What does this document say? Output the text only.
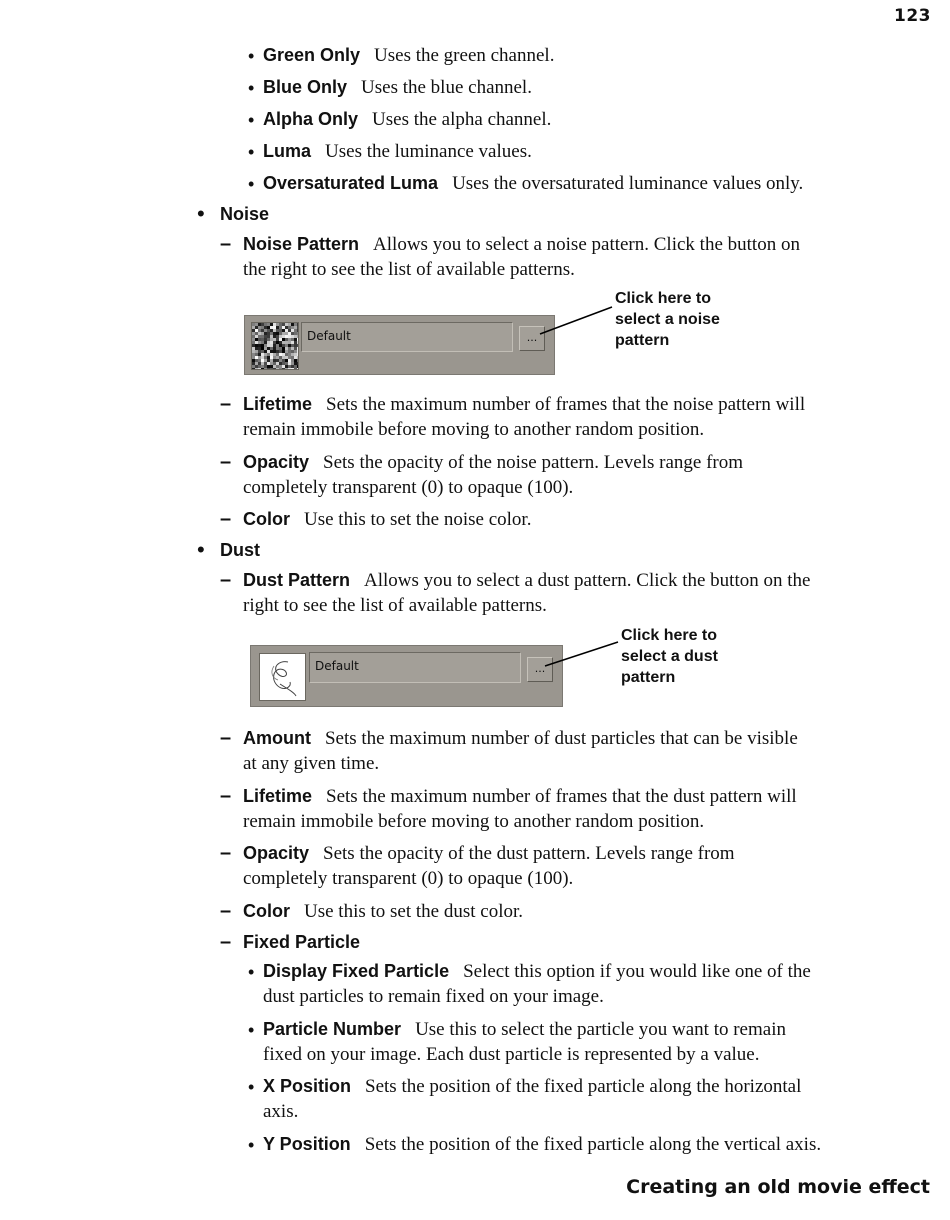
123
• Green Only Uses the green channel.
• Blue Only Uses the blue channel.
• Alpha Only Uses the alpha channel.
• Luma Uses the luminance values.
• Oversaturated Luma Uses the oversaturated luminance values only.
• Noise
– Noise Pattern Allows you to select a noise pattern. Click the button on
the right to see the list of available patterns.
Default	...
Click here to
select a noise
pattern
– Lifetime Sets the maximum number of frames that the noise pattern will
remain immobile before moving to another random position.
– Opacity Sets the opacity of the noise pattern. Levels range from
completely transparent (0) to opaque (100).
– Color Use this to set the noise color.
• Dust
– Dust Pattern Allows you to select a dust pattern. Click the button on the
right to see the list of available patterns.
Default	...
Click here to
select a dust
pattern
– Amount Sets the maximum number of dust particles that can be visible
at any given time.
– Lifetime Sets the maximum number of frames that the dust pattern will
remain immobile before moving to another random position.
– Opacity Sets the opacity of the dust pattern. Levels range from
completely transparent (0) to opaque (100).
– Color Use this to set the dust color.
– Fixed Particle
• Display Fixed Particle Select this option if you would like one of the
dust particles to remain fixed on your image.
• Particle Number Use this to select the particle you want to remain
fixed on your image. Each dust particle is represented by a value.
• X Position Sets the position of the fixed particle along the horizontal
axis.
• Y Position Sets the position of the fixed particle along the vertical axis.
Creating an old movie effect
